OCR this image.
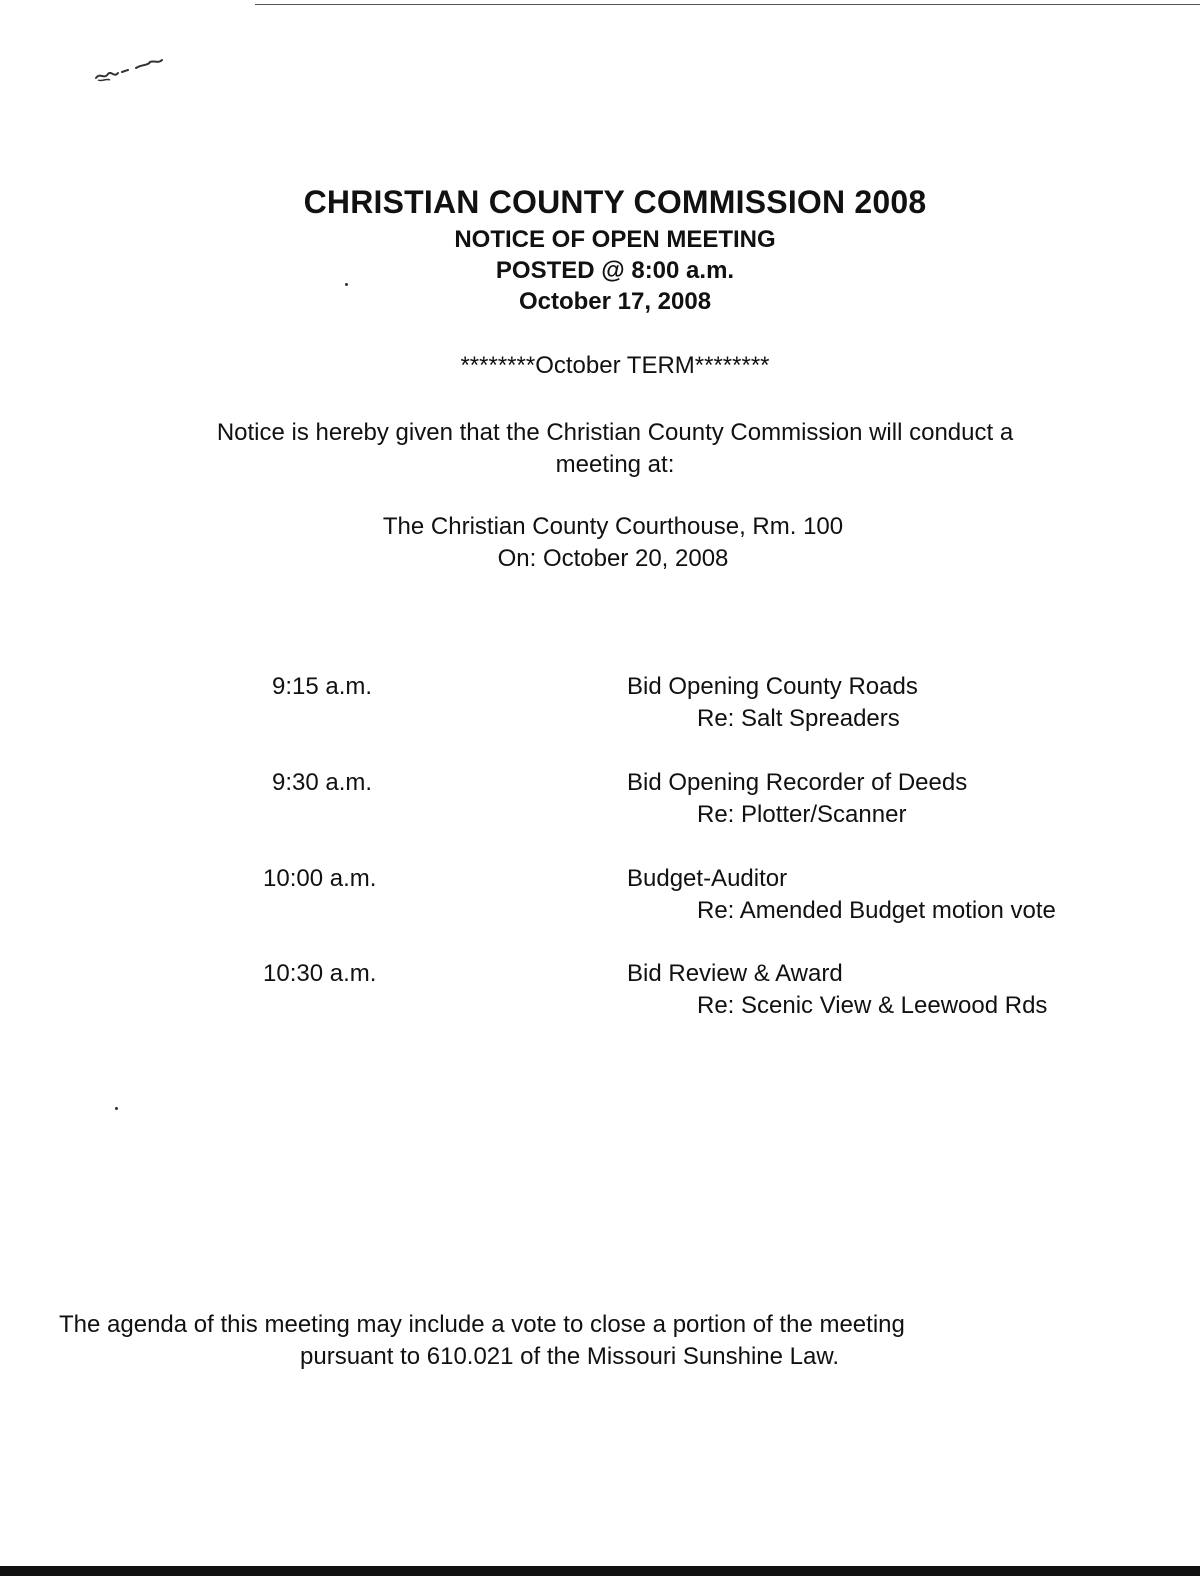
CHRISTIAN COUNTY COMMISSION 2008
NOTICE OF OPEN MEETING
POSTED @ 8:00 a.m.
October 17, 2008
********October TERM********
Notice is hereby given that the Christian County Commission will conduct a
meeting at:
The Christian County Courthouse, Rm. 100
On: October 20, 2008
9:15 a.m.	Bid Opening County Roads
Re: Salt Spreaders
9:30 a.m.	Bid Opening Recorder of Deeds
Re: Plotter/Scanner
10:00 a.m.	Budget-Auditor
Re: Amended Budget motion vote
10:30 a.m.	Bid Review & Award
Re: Scenic View & Leewood Rds
The agenda of this meeting may include a vote to close a portion of the meeting
pursuant to 610.021 of the Missouri Sunshine Law.
